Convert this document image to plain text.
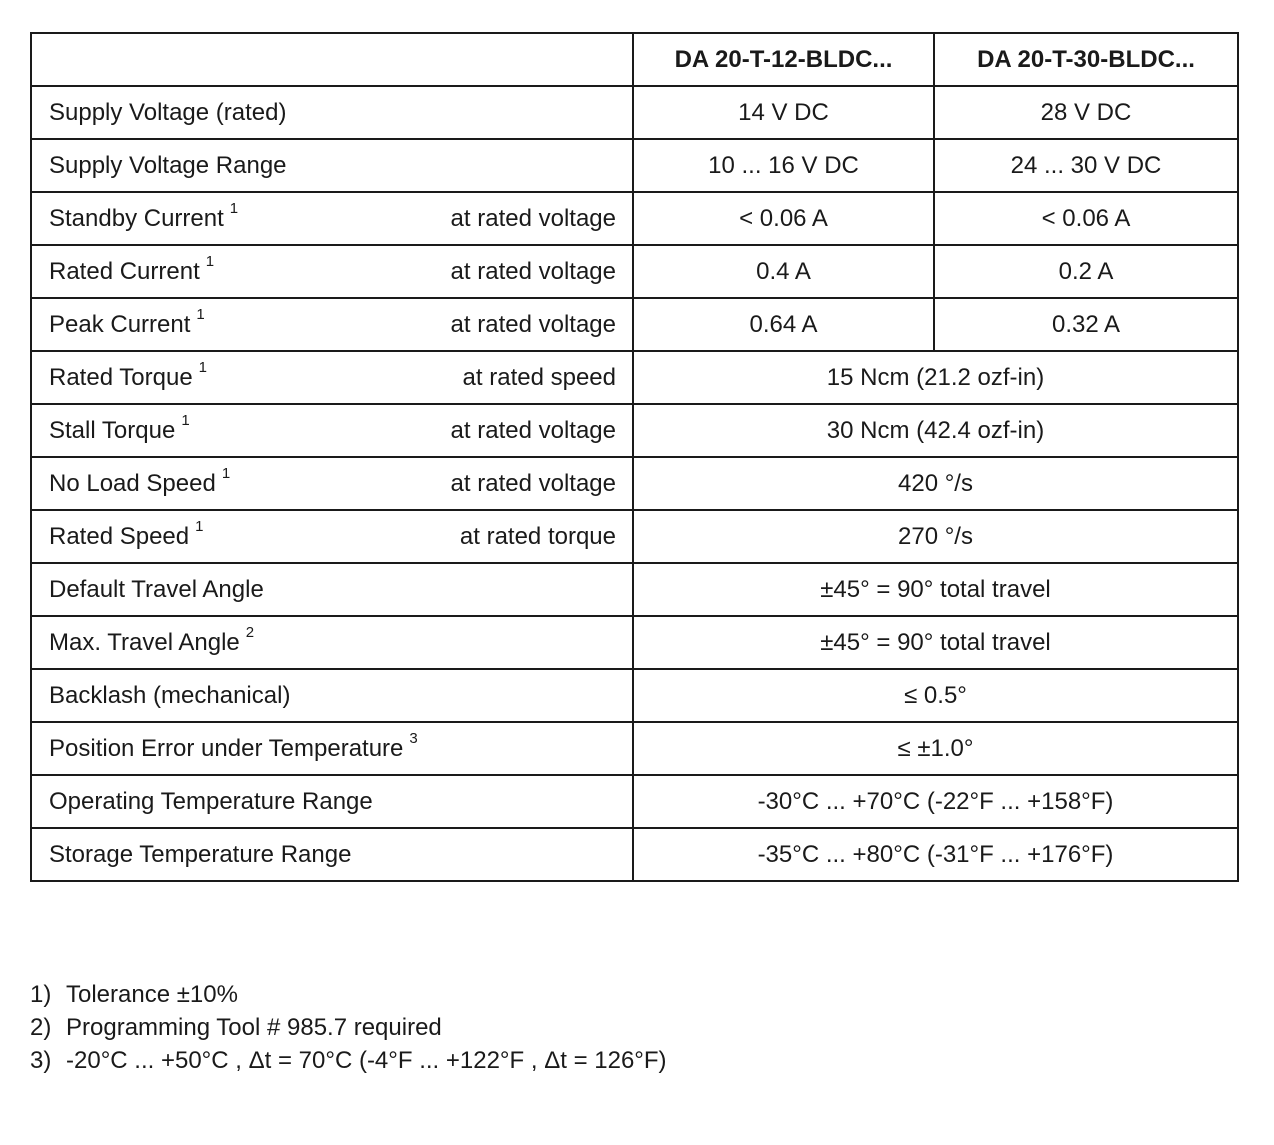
	DA 20-T-12-BLDC...	DA 20-T-30-BLDC...

Supply Voltage (rated)	14 V DC	28 V DC

Supply Voltage Range	10 ... 16 V DC	24 ... 30 V DC

Standby Current $^1$ at rated voltage	< 0.06 A	< 0.06 A

Rated Current $^1$ at rated voltage	0.4 A	0.2 A

Peak Current $^1$ at rated voltage	0.64 A	0.32 A

Rated Torque $^1$ at rated speed	15 Ncm (21.2 ozf-in)	

Stall Torque $^1$ at rated voltage	30 Ncm (42.4 ozf-in)	

No Load Speed $^1$ at rated voltage	420 °/s	

Rated Speed $^1$ at rated torque	270 °/s	

Default Travel Angle	±45° = 90° total travel	

Max. Travel Angle $^2$	±45° = 90° total travel	

Backlash (mechanical)	≤ 0.5°	

Position Error under Temperature $^3$	≤ ±1.0°	

Operating Temperature Range	-30°C ... +70°C (-22°F ... +158°F)	

Storage Temperature Range	-35°C ... +80°C (-31°F ... +176°F)	
1) Tolerance ±10%
2) Programming Tool # 985.7 required
3) -20°C ... +50°C , Δt = 70°C (-4°F ... +122°F , Δt = 126°F)
